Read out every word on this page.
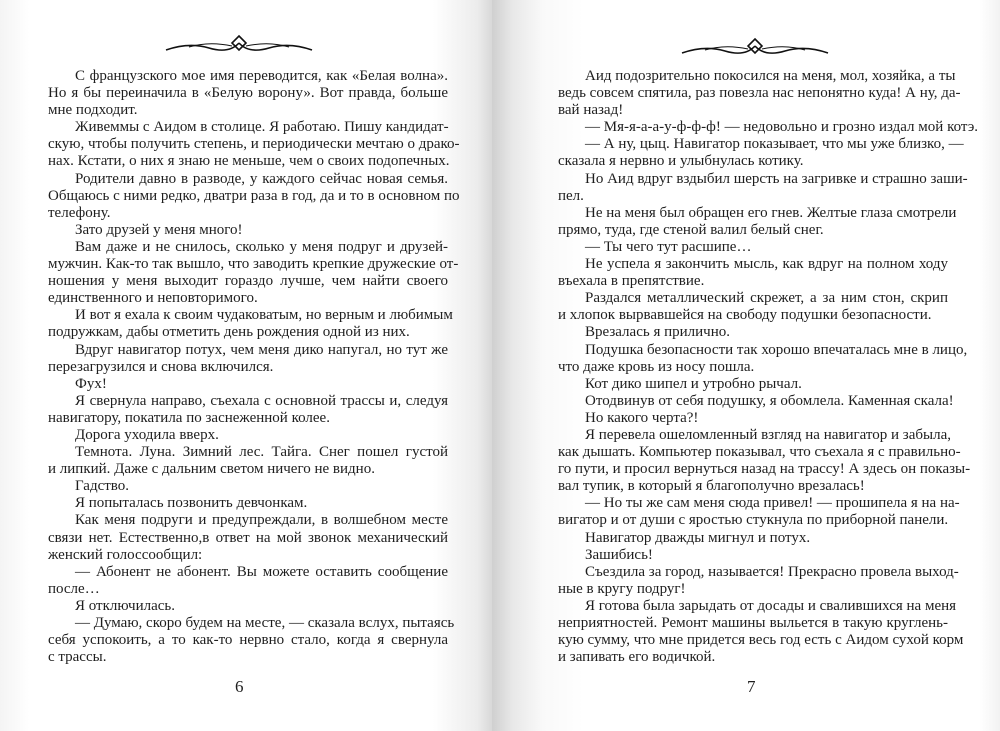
С французского мое имя переводится, как «Белая волна».
Но я бы переиначила в «Белую ворону». Вот правда, больше
мне подходит.
Живеммы с Аидом в столице. Я работаю. Пишу кандидат-
скую, чтобы получить степень, и периодически мечтаю о драко-
нах. Кстати, о них я знаю не меньше, чем о своих подопечных.
Родители давно в разводе, у каждого сейчас новая семья.
Общаюсь с ними редко, дватри раза в год, да и то в основном по
телефону.
Зато друзей у меня много!
Вам даже и не снилось, сколько у меня подруг и друзей-
мужчин. Как-то так вышло, что заводить крепкие дружеские от-
ношения у меня выходит гораздо лучше, чем найти своего
единственного и неповторимого.
И вот я ехала к своим чудаковатым, но верным и любимым
подружкам, дабы отметить день рождения одной из них.
Вдруг навигатор потух, чем меня дико напугал, но тут же
перезагрузился и снова включился.
Фух!
Я свернула направо, съехала с основной трассы и, следуя
навигатору, покатила по заснеженной колее.
Дорога уходила вверх.
Темнота. Луна. Зимний лес. Тайга. Снег пошел густой
и липкий. Даже с дальним светом ничего не видно.
Гадство.
Я попыталась позвонить девчонкам.
Как меня подруги и предупреждали, в волшебном месте
связи нет. Естественно,в ответ на мой звонок механический
женский голоссообщил:
— Абонент не абонент. Вы можете оставить сообщение
после…
Я отключилась.
— Думаю, скоро будем на месте, — сказала вслух, пытаясь
себя успокоить, а то как-то нервно стало, когда я свернула
с трассы.
6
Аид подозрительно покосился на меня, мол, хозяйка, а ты
ведь совсем спятила, раз повезла нас непонятно куда! А ну, да-
вай назад!
— Мя-я-а-а-у-ф-ф-ф! — недовольно и грозно издал мой котэ.
— А ну, цыц. Навигатор показывает, что мы уже близко, —
сказала я нервно и улыбнулась котику.
Но Аид вдруг вздыбил шерсть на загривке и страшно заши-
пел.
Не на меня был обращен его гнев. Желтые глаза смотрели
прямо, туда, где стеной валил белый снег.
— Ты чего тут расшипе…
Не успела я закончить мысль, как вдруг на полном ходу
въехала в препятствие.
Раздался металлический скрежет, а за ним стон, скрип
и хлопок вырвавшейся на свободу подушки безопасности.
Врезалась я прилично.
Подушка безопасности так хорошо впечаталась мне в лицо,
что даже кровь из носу пошла.
Кот дико шипел и утробно рычал.
Отодвинув от себя подушку, я обомлела. Каменная скала!
Но какого черта?!
Я перевела ошеломленный взгляд на навигатор и забыла,
как дышать. Компьютер показывал, что съехала я с правильно-
го пути, и просил вернуться назад на трассу! А здесь он показы-
вал тупик, в который я благополучно врезалась!
— Но ты же сам меня сюда привел! — прошипела я на на-
вигатор и от души с яростью стукнула по приборной панели.
Навигатор дважды мигнул и потух.
Зашибись!
Съездила за город, называется! Прекрасно провела выход-
ные в кругу подруг!
Я готова была зарыдать от досады и свалившихся на меня
неприятностей. Ремонт машины выльется в такую круглень-
кую сумму, что мне придется весь год есть с Аидом сухой корм
и запивать его водичкой.
7
